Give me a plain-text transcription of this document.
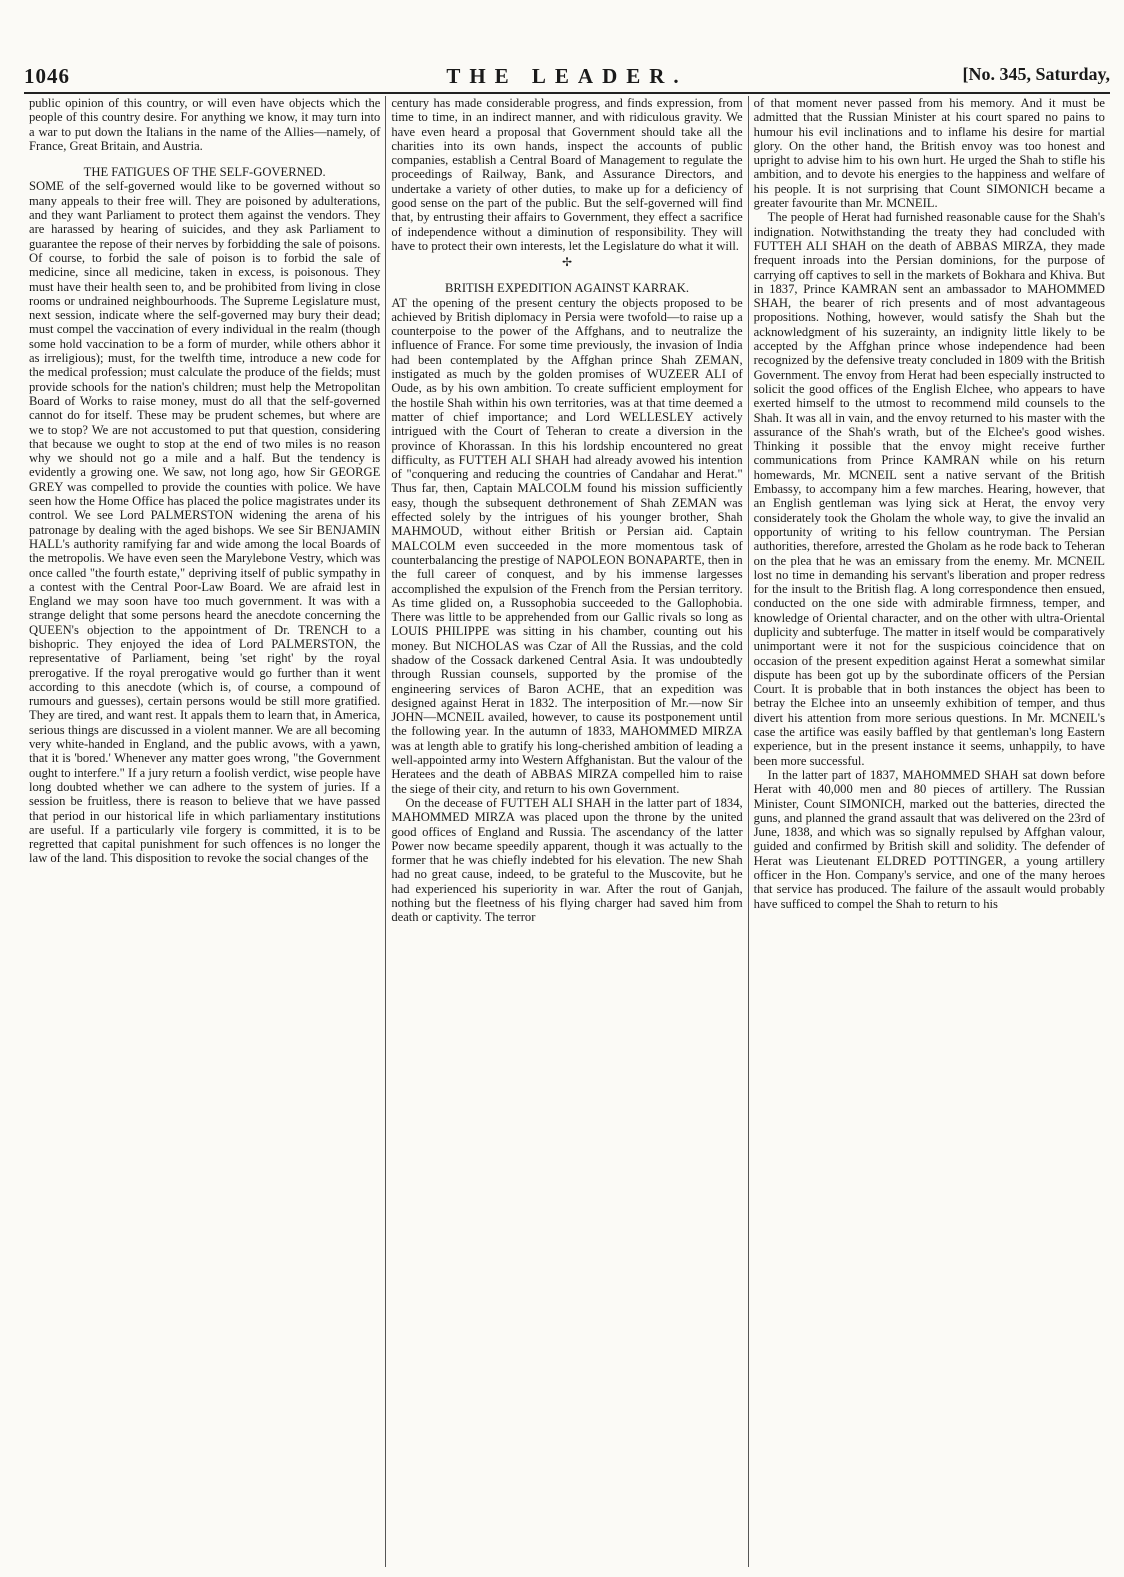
1046	THE LEADER.	[No. 345, Saturday,

public opinion of this country, or will even have objects which the people of this country desire. For anything we know, it may turn into a war to put down the Italians in the name of the Allies—namely, of France, Great Britain, and Austria.

THE FATIGUES OF THE SELF-GOVERNED.

SOME of the self-governed would like to be governed without so many appeals to their free will. They are poisoned by adulterations, and they want Parliament to protect them against the vendors. They are harassed by hearing of suicides, and they ask Parliament to guarantee the repose of their nerves by forbidding the sale of poisons. Of course, to forbid the sale of poison is to forbid the sale of medicine, since all medicine, taken in excess, is poisonous. They must have their health seen to, and be prohibited from living in close rooms or undrained neighbourhoods. The Supreme Legislature must, next session, indicate where the self-governed may bury their dead; must compel the vaccination of every individual in the realm (though some hold vaccination to be a form of murder, while others abhor it as irreligious); must, for the twelfth time, introduce a new code for the medical profession; must calculate the produce of the fields; must provide schools for the nation's children; must help the Metropolitan Board of Works to raise money, must do all that the self-governed cannot do for itself. These may be prudent schemes, but where are we to stop? We are not accustomed to put that question, considering that because we ought to stop at the end of two miles is no reason why we should not go a mile and a half. But the tendency is evidently a growing one. We saw, not long ago, how Sir GEORGE GREY was compelled to provide the counties with police. We have seen how the Home Office has placed the police magistrates under its control. We see Lord PALMERSTON widening the arena of his patronage by dealing with the aged bishops. We see Sir BENJAMIN HALL's authority ramifying far and wide among the local Boards of the metropolis. We have even seen the Marylebone Vestry, which was once called "the fourth estate," depriving itself of public sympathy in a contest with the Central Poor-Law Board. We are afraid lest in England we may soon have too much government. It was with a strange delight that some persons heard the anecdote concerning the QUEEN's objection to the appointment of Dr. TRENCH to a bishopric. They enjoyed the idea of Lord PALMERSTON, the representative of Parliament, being 'set right' by the royal prerogative. If the royal prerogative would go further than it went according to this anecdote (which is, of course, a compound of rumours and guesses), certain persons would be still more gratified. They are tired, and want rest. It appals them to learn that, in America, serious things are discussed in a violent manner. We are all becoming very white-handed in England, and the public avows, with a yawn, that it is 'bored.' Whenever any matter goes wrong, "the Government ought to interfere." If a jury return a foolish verdict, wise people have long doubted whether we can adhere to the system of juries. If a session be fruitless, there is reason to believe that we have passed that period in our historical life in which parliamentary institutions are useful. If a particularly vile forgery is committed, it is to be regretted that capital punishment for such offences is no longer the law of the land. This disposition to revoke the social changes of the

century has made considerable progress, and finds expression, from time to time, in an indirect manner, and with ridiculous gravity. We have even heard a proposal that Government should take all the charities into its own hands, inspect the accounts of public companies, establish a Central Board of Management to regulate the proceedings of Railway, Bank, and Assurance Directors, and undertake a variety of other duties, to make up for a deficiency of good sense on the part of the public. But the self-governed will find that, by entrusting their affairs to Government, they effect a sacrifice of independence without a diminution of responsibility. They will have to protect their own interests, let the Legislature do what it will.

✢
BRITISH EXPEDITION AGAINST KARRAK.

AT the opening of the present century the objects proposed to be achieved by British diplomacy in Persia were twofold—to raise up a counterpoise to the power of the Affghans, and to neutralize the influence of France. For some time previously, the invasion of India had been contemplated by the Affghan prince Shah ZEMAN, instigated as much by the golden promises of WUZEER ALI of Oude, as by his own ambition. To create sufficient employment for the hostile Shah within his own territories, was at that time deemed a matter of chief importance; and Lord WELLESLEY actively intrigued with the Court of Teheran to create a diversion in the province of Khorassan. In this his lordship encountered no great difficulty, as FUTTEH ALI SHAH had already avowed his intention of "conquering and reducing the countries of Candahar and Herat." Thus far, then, Captain MALCOLM found his mission sufficiently easy, though the subsequent dethronement of Shah ZEMAN was effected solely by the intrigues of his younger brother, Shah MAHMOUD, without either British or Persian aid. Captain MALCOLM even succeeded in the more momentous task of counterbalancing the prestige of NAPOLEON BONAPARTE, then in the full career of conquest, and by his immense largesses accomplished the expulsion of the French from the Persian territory. As time glided on, a Russophobia succeeded to the Gallophobia. There was little to be apprehended from our Gallic rivals so long as LOUIS PHILIPPE was sitting in his chamber, counting out his money. But NICHOLAS was Czar of All the Russias, and the cold shadow of the Cossack darkened Central Asia. It was undoubtedly through Russian counsels, supported by the promise of the engineering services of Baron ACHE, that an expedition was designed against Herat in 1832. The interposition of Mr.—now Sir JOHN—MCNEIL availed, however, to cause its postponement until the following year. In the autumn of 1833, MAHOMMED MIRZA was at length able to gratify his long-cherished ambition of leading a well-appointed army into Western Affghanistan. But the valour of the Heratees and the death of ABBAS MIRZA compelled him to raise the siege of their city, and return to his own Government.

On the decease of FUTTEH ALI SHAH in the latter part of 1834, MAHOMMED MIRZA was placed upon the throne by the united good offices of England and Russia. The ascendancy of the latter Power now became speedily apparent, though it was actually to the former that he was chiefly indebted for his elevation. The new Shah had no great cause, indeed, to be grateful to the Muscovite, but he had experienced his superiority in war. After the rout of Ganjah, nothing but the fleetness of his flying charger had saved him from death or captivity. The terror

of that moment never passed from his memory. And it must be admitted that the Russian Minister at his court spared no pains to humour his evil inclinations and to inflame his desire for martial glory. On the other hand, the British envoy was too honest and upright to advise him to his own hurt. He urged the Shah to stifle his ambition, and to devote his energies to the happiness and welfare of his people. It is not surprising that Count SIMONICH became a greater favourite than Mr. MCNEIL.

The people of Herat had furnished reasonable cause for the Shah's indignation. Notwithstanding the treaty they had concluded with FUTTEH ALI SHAH on the death of ABBAS MIRZA, they made frequent inroads into the Persian dominions, for the purpose of carrying off captives to sell in the markets of Bokhara and Khiva. But in 1837, Prince KAMRAN sent an ambassador to MAHOMMED SHAH, the bearer of rich presents and of most advantageous propositions. Nothing, however, would satisfy the Shah but the acknowledgment of his suzerainty, an indignity little likely to be accepted by the Affghan prince whose independence had been recognized by the defensive treaty concluded in 1809 with the British Government. The envoy from Herat had been especially instructed to solicit the good offices of the English Elchee, who appears to have exerted himself to the utmost to recommend mild counsels to the Shah. It was all in vain, and the envoy returned to his master with the assurance of the Shah's wrath, but of the Elchee's good wishes. Thinking it possible that the envoy might receive further communications from Prince KAMRAN while on his return homewards, Mr. MCNEIL sent a native servant of the British Embassy, to accompany him a few marches. Hearing, however, that an English gentleman was lying sick at Herat, the envoy very considerately took the Gholam the whole way, to give the invalid an opportunity of writing to his fellow countryman. The Persian authorities, therefore, arrested the Gholam as he rode back to Teheran on the plea that he was an emissary from the enemy. Mr. MCNEIL lost no time in demanding his servant's liberation and proper redress for the insult to the British flag. A long correspondence then ensued, conducted on the one side with admirable firmness, temper, and knowledge of Oriental character, and on the other with ultra-Oriental duplicity and subterfuge. The matter in itself would be comparatively unimportant were it not for the suspicious coincidence that on occasion of the present expedition against Herat a somewhat similar dispute has been got up by the subordinate officers of the Persian Court. It is probable that in both instances the object has been to betray the Elchee into an unseemly exhibition of temper, and thus divert his attention from more serious questions. In Mr. MCNEIL's case the artifice was easily baffled by that gentleman's long Eastern experience, but in the present instance it seems, unhappily, to have been more successful.

In the latter part of 1837, MAHOMMED SHAH sat down before Herat with 40,000 men and 80 pieces of artillery. The Russian Minister, Count SIMONICH, marked out the batteries, directed the guns, and planned the grand assault that was delivered on the 23rd of June, 1838, and which was so signally repulsed by Affghan valour, guided and confirmed by British skill and solidity. The defender of Herat was Lieutenant ELDRED POTTINGER, a young artillery officer in the Hon. Company's service, and one of the many heroes that service has produced. The failure of the assault would probably have sufficed to compel the Shah to return to his
